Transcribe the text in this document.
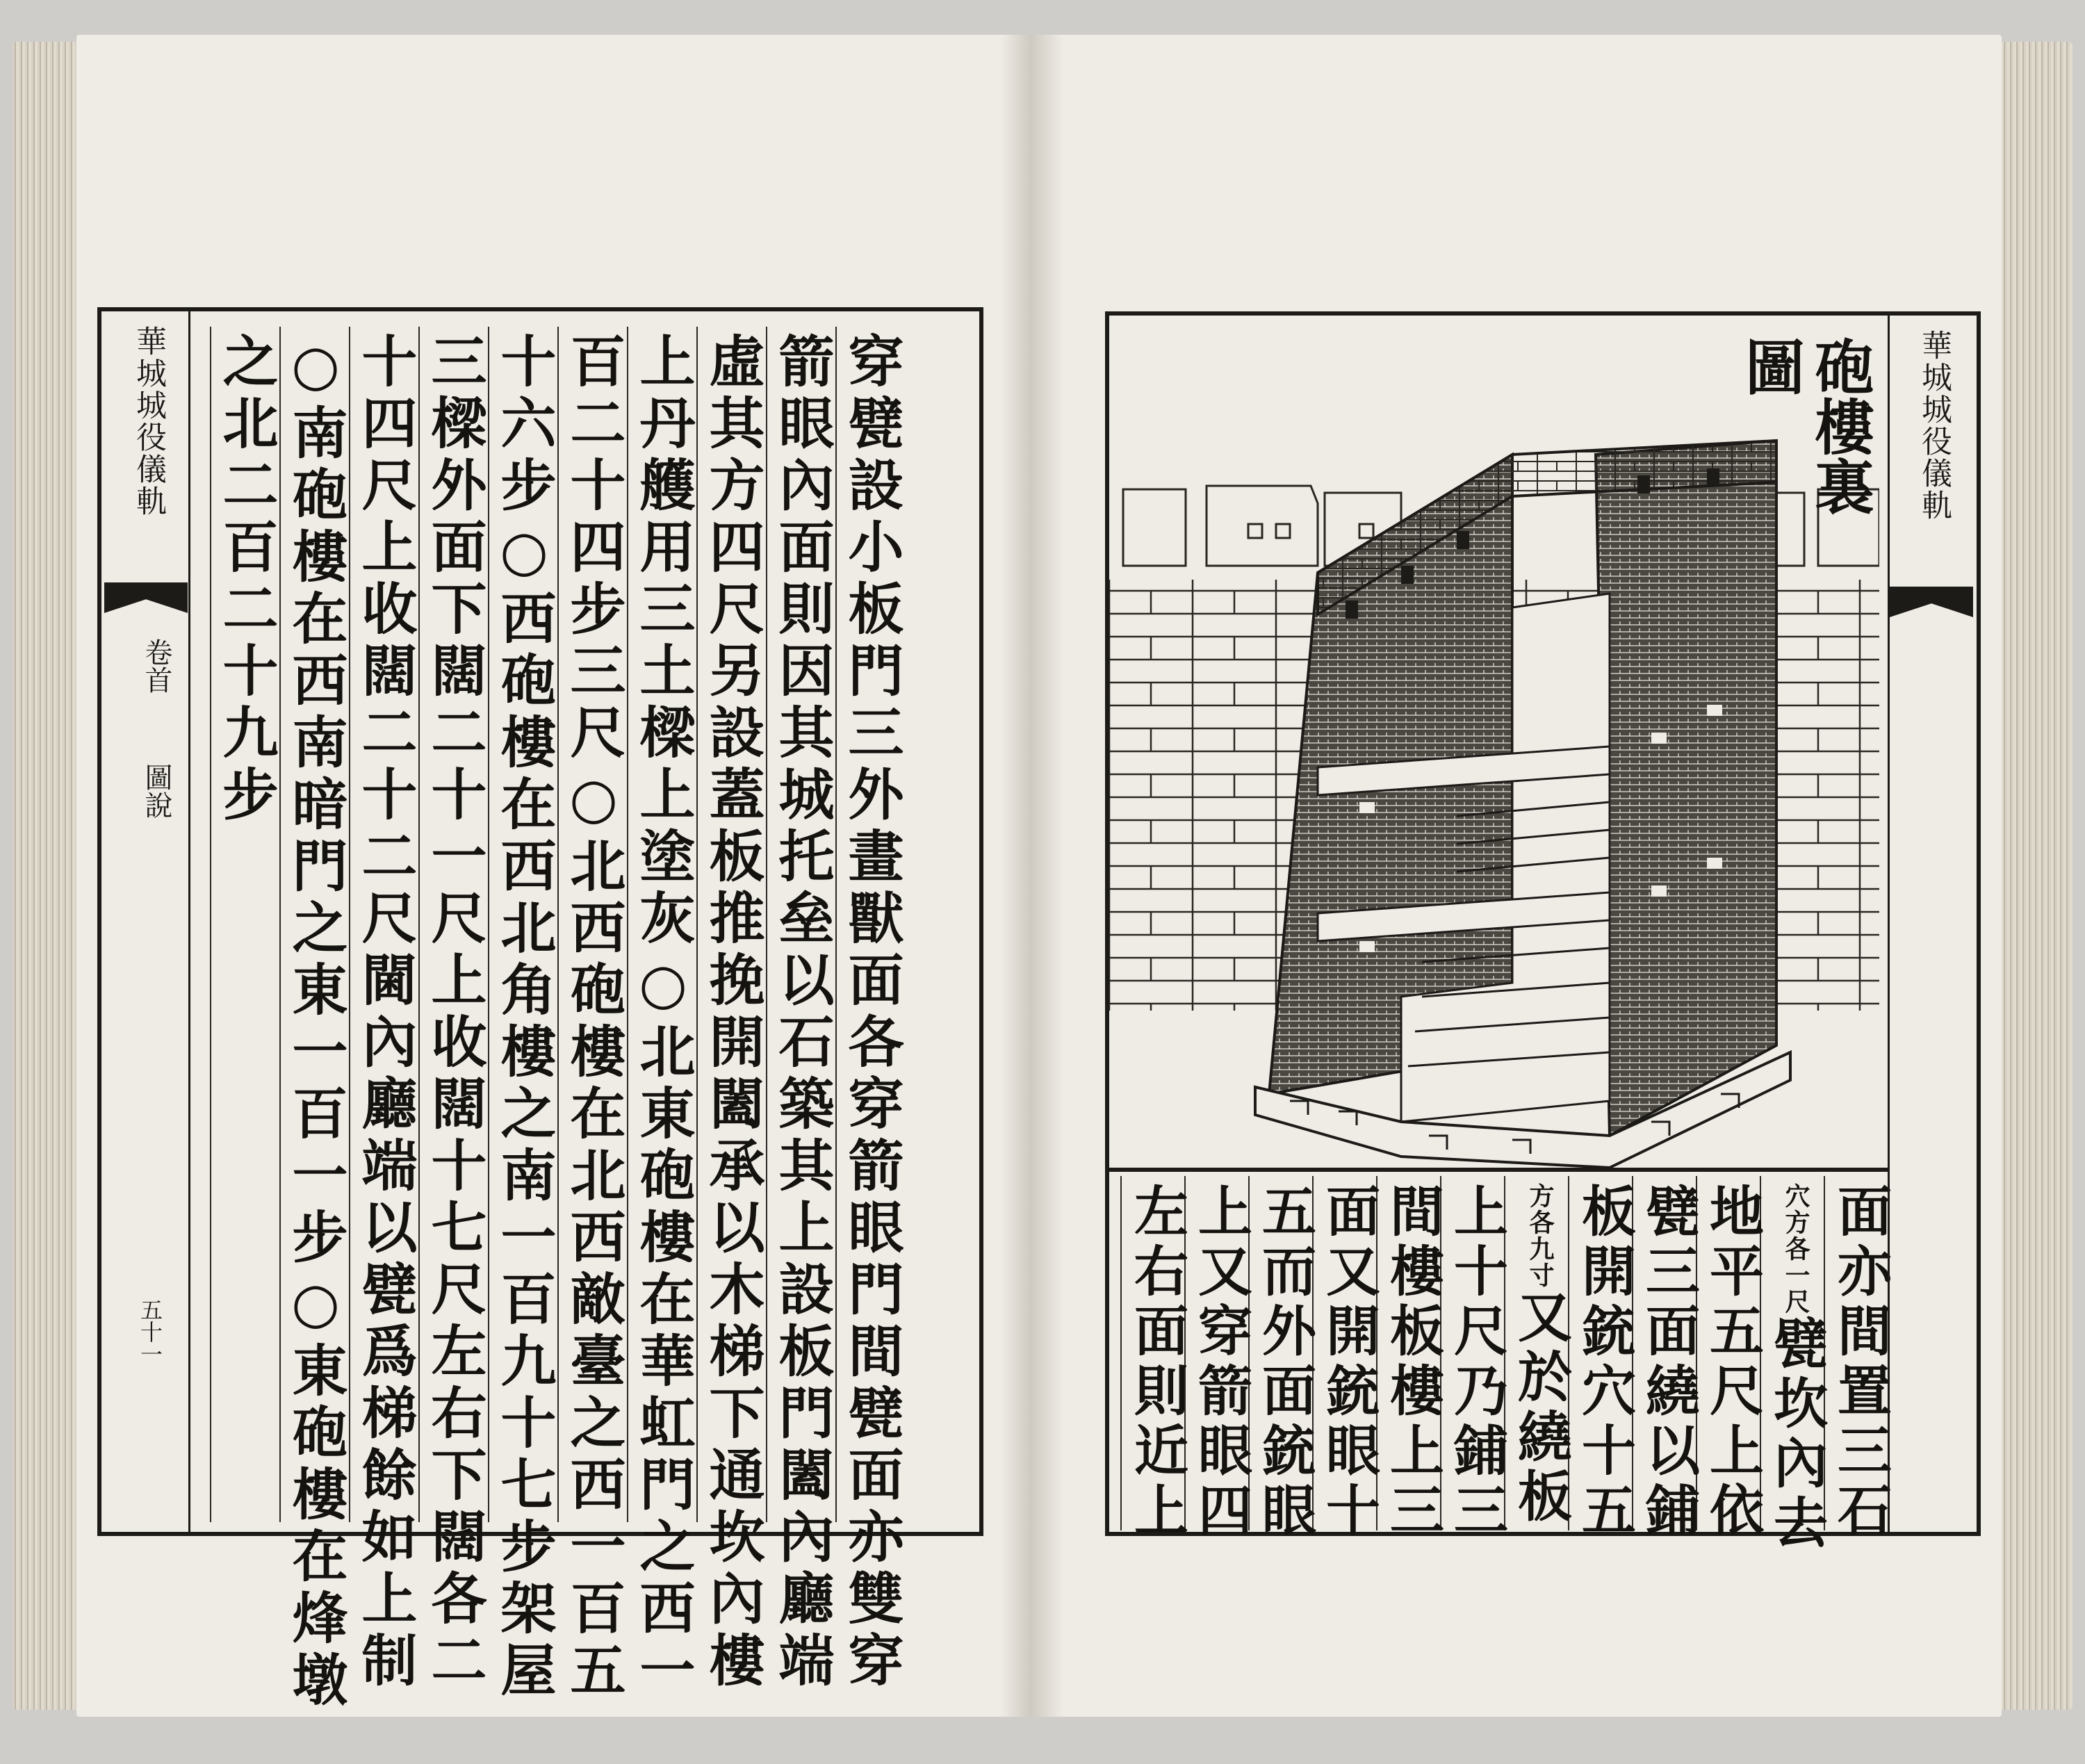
華城城役儀軌
卷首
圖說
五十一	穿甓設小板門三外畫獸面各穿箭眼門間甓面亦雙穿
箭眼內面則因其城托垒以石築其上設板門闔內廳端
虛其方四尺另設蓋板推挽開闔承以木梯下通坎內樓
上丹艧用三土樑上塗灰○北東砲樓在華虹門之西一
百二十四步三尺○北西砲樓在北西敵臺之西一百五
十六步○西砲樓在西北角樓之南一百九十七步架屋
三樑外面下闊二十一尺上收闊十七尺左右下闊各二
十四尺上收闊二十二尺閫內廳端以甓爲梯餘如上制
○南砲樓在西南暗門之東一百一步○東砲樓在烽墩
之北二百二十九步	砲樓裏圖
面亦間置三石
穴方各一尺甓坎內去
地平五尺上依
甓三面繞以鋪
板開銃穴十五
方各九寸又於繞板
上十尺乃鋪三
間樓板樓上三
面又開銃眼十
五而外面銃眼
上又穿箭眼四
左右面則近上
華城城役儀軌
